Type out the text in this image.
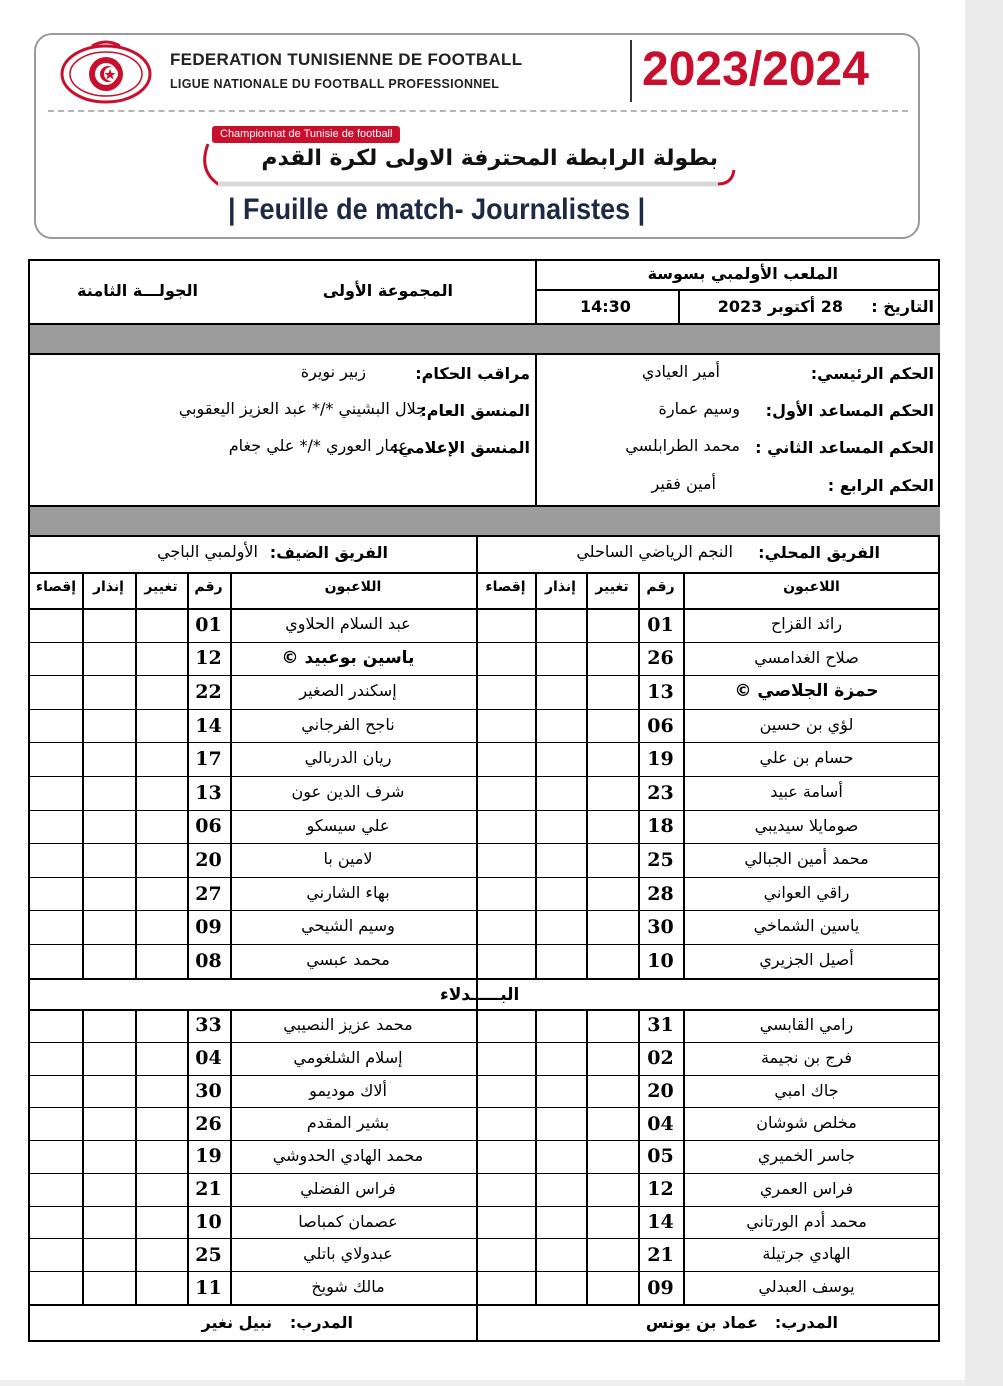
FEDERATION TUNISIENNE DE FOOTBALL
LIGUE NATIONALE DU FOOTBALL PROFESSIONNEL	2023/2024
Championnat de Tunisie de football
بطولة الرابطة المحترفة الاولى لكرة القدم
| Feuille de match- Journalistes |
الملعب الأولمبي بسوسة
التاريخ :
28 أكتوبر 2023
14:30
المجموعة الأولى
الجولـــة الثامنة
الحكم الرئيسي:
أمير العيادي
الحكم المساعد الأول:
وسيم عمارة
الحكم المساعد الثاني :
محمد الطرابلسي
الحكم الرابع :
أمين فقير
مراقب الحكام:
زبير نويرة
المنسق العام:
جلال البشيني */* عبد العزيز اليعقوبي
المنسق الإعلامي:
عمار العوري */* علي جغام
الفريق المحلي:
النجم الرياضي الساحلي
الفريق الضيف:
الأولمبي الباجي
البـــــدلاء
المدرب:
عماد بن يونس
المدرب:
نبيل نغير
إقصاء	إنذار	تغيير	رقم	اللاعبون
01	رائد القزاح
26	صلاح الغدامسي
13	حمزة الجلاصي ©
06	لؤي بن حسين
19	حسام بن علي
23	أسامة عبيد
18	صومايلا سيديبي
25	محمد أمين الجبالي
28	راقي العواني
30	ياسين الشماخي
10	أصيل الجزيري
31	رامي القابسي
02	فرج بن نجيمة
20	جاك امبي
04	مخلص شوشان
05	جاسر الخميري
12	فراس العمري
14	محمد أدم الورتاني
21	الهادي جرتيلة
09	يوسف العبدلي
إقصاء	إنذار	تغيير	رقم	اللاعبون
01	عبد السلام الحلاوي
12	ياسين بوعبيد ©
22	إسكندر الصغير
14	ناجح الفرجاني
17	ريان الدربالي
13	شرف الدين عون
06	علي سيسكو
20	لامين با
27	بهاء الشارني
09	وسيم الشيحي
08	محمد عبسي
33	محمد عزيز النصيبي
04	إسلام الشلغومي
30	ألاك موديمو
26	بشير المقدم
19	محمد الهادي الحدوشي
21	فراس الفضلي
10	عصمان كمباصا
25	عبدولاي باتلي
11	مالك شويخ
